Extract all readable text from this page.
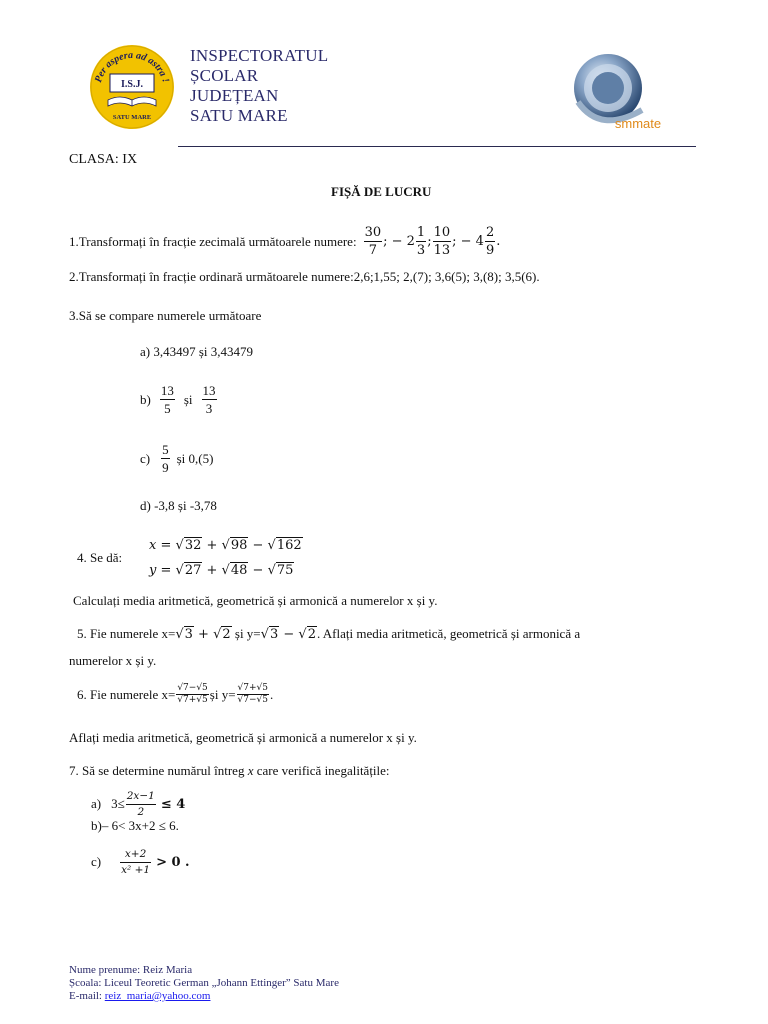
Per aspera ad astra !
I.S.J.
SATU MARE
INSPECTORATUL
ȘCOLAR
JUDEȚEAN
SATU MARE	smmate
CLASA: IX
FIȘĂ DE LUCRU
1.Transformați în fracție zecimală următoarele numere: $\frac{30}{7}$ ; − $2 \frac{1}{3}$ ; $\frac{10}{13}$ ; − $4 \frac{2}{9}$ .
2.Transformați în fracție ordinară următoarele numere:2,6;1,55; 2,(7); 3,6(5); 3,(8); 3,5(6).
3.Să se compare numerele următoare
a) 3,43497 și 3,43479
$b) \frac{13}{5}$ și $\frac{13}{3}$
$c) \frac{5}{9}$ și 0,(5)
d) -3,8 și -3,78
4. Se dă:
x = √32 + √98 − √162
y = √27 + √48 − √75
Calculați media aritmetică, geometrică și armonică a numerelor x și y.
5. Fie numerele x=√3 + √2 și y=√3 − √2. Aflați media aritmetică, geometrică și armonică a
numerelor x și y.
6. Fie numerele $x= \frac{√7-√5}{√7+√5}$ și $y= \frac{√7+√5}{√7-√5}$ .
Aflați media aritmetică, geometrică și armonică a numerelor x și y.
7. Să se determine numărul întreg x care verifică inegalitățile:
a) $3\le \frac{2x-1}{2} \le 4$
b)– 6< 3x+2 ≤ 6.
$c) \frac{x+2}{\text{x² +1}} > 0$ .
Nume prenume: Reiz Maria
Școala: Liceul Teoretic German „Johann Ettinger” Satu Mare
E-mail: reiz_maria@yahoo.com
